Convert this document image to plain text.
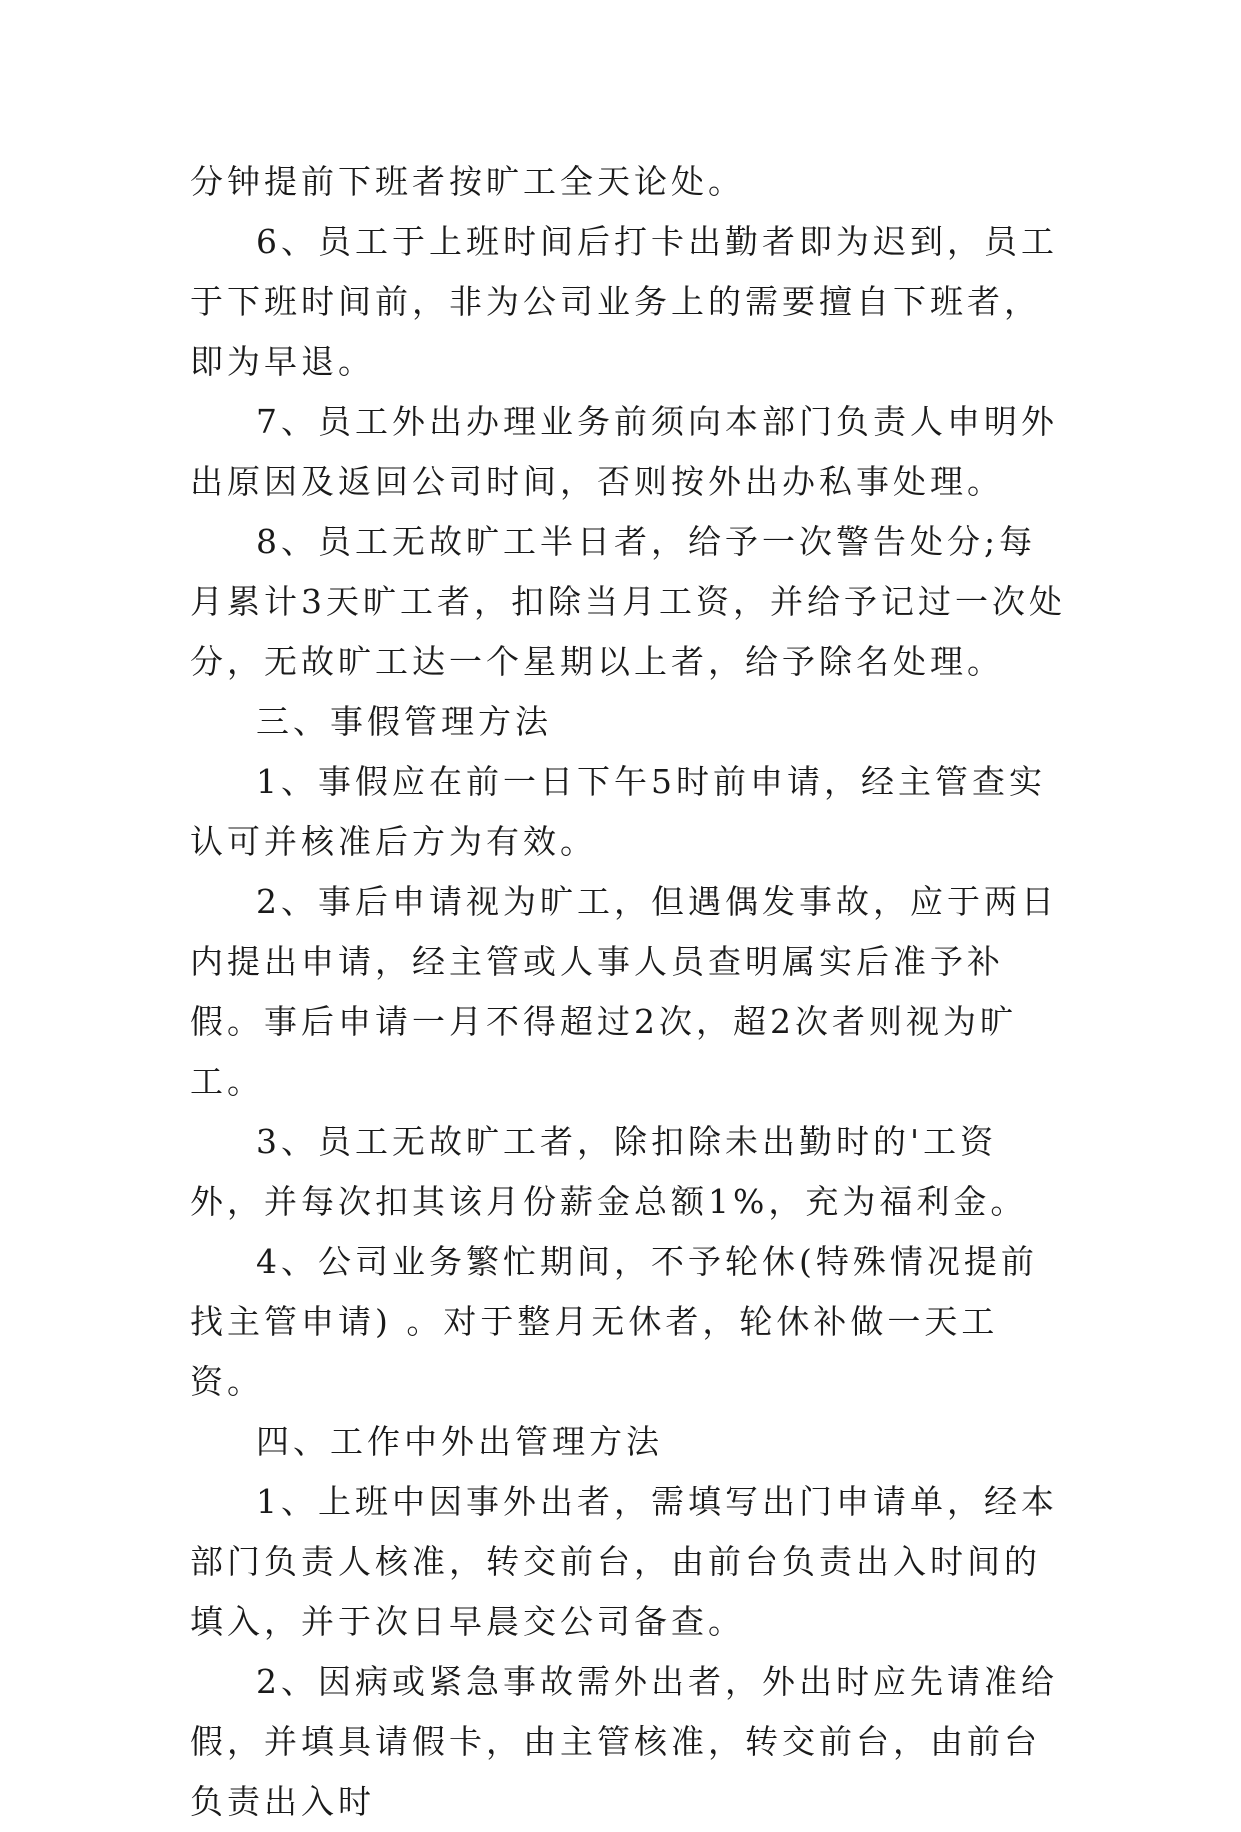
分钟提前下班者按旷工全天论处。

6、员工于上班时间后打卡出勤者即为迟到，员工于下班时间前，非为公司业务上的需要擅自下班者，即为早退。

7、员工外出办理业务前须向本部门负责人申明外出原因及返回公司时间，否则按外出办私事处理。

8、员工无故旷工半日者，给予一次警告处分;每月累计3天旷工者，扣除当月工资，并给予记过一次处分，无故旷工达一个星期以上者，给予除名处理。

三、事假管理方法

1、事假应在前一日下午5时前申请，经主管查实认可并核准后方为有效。

2、事后申请视为旷工，但遇偶发事故，应于两日内提出申请，经主管或人事人员查明属实后准予补假。事后申请一月不得超过2次，超2次者则视为旷工。

3、员工无故旷工者，除扣除未出勤时的'工资外，并每次扣其该月份薪金总额1%，充为福利金。

4、公司业务繁忙期间，不予轮休(特殊情况提前找主管申请) 。对于整月无休者，轮休补做一天工资。

四、工作中外出管理方法

1、上班中因事外出者，需填写出门申请单，经本部门负责人核准，转交前台，由前台负责出入时间的填入，并于次日早晨交公司备查。

2、因病或紧急事故需外出者，外出时应先请准给假，并填具请假卡，由主管核准，转交前台，由前台负责出入时
